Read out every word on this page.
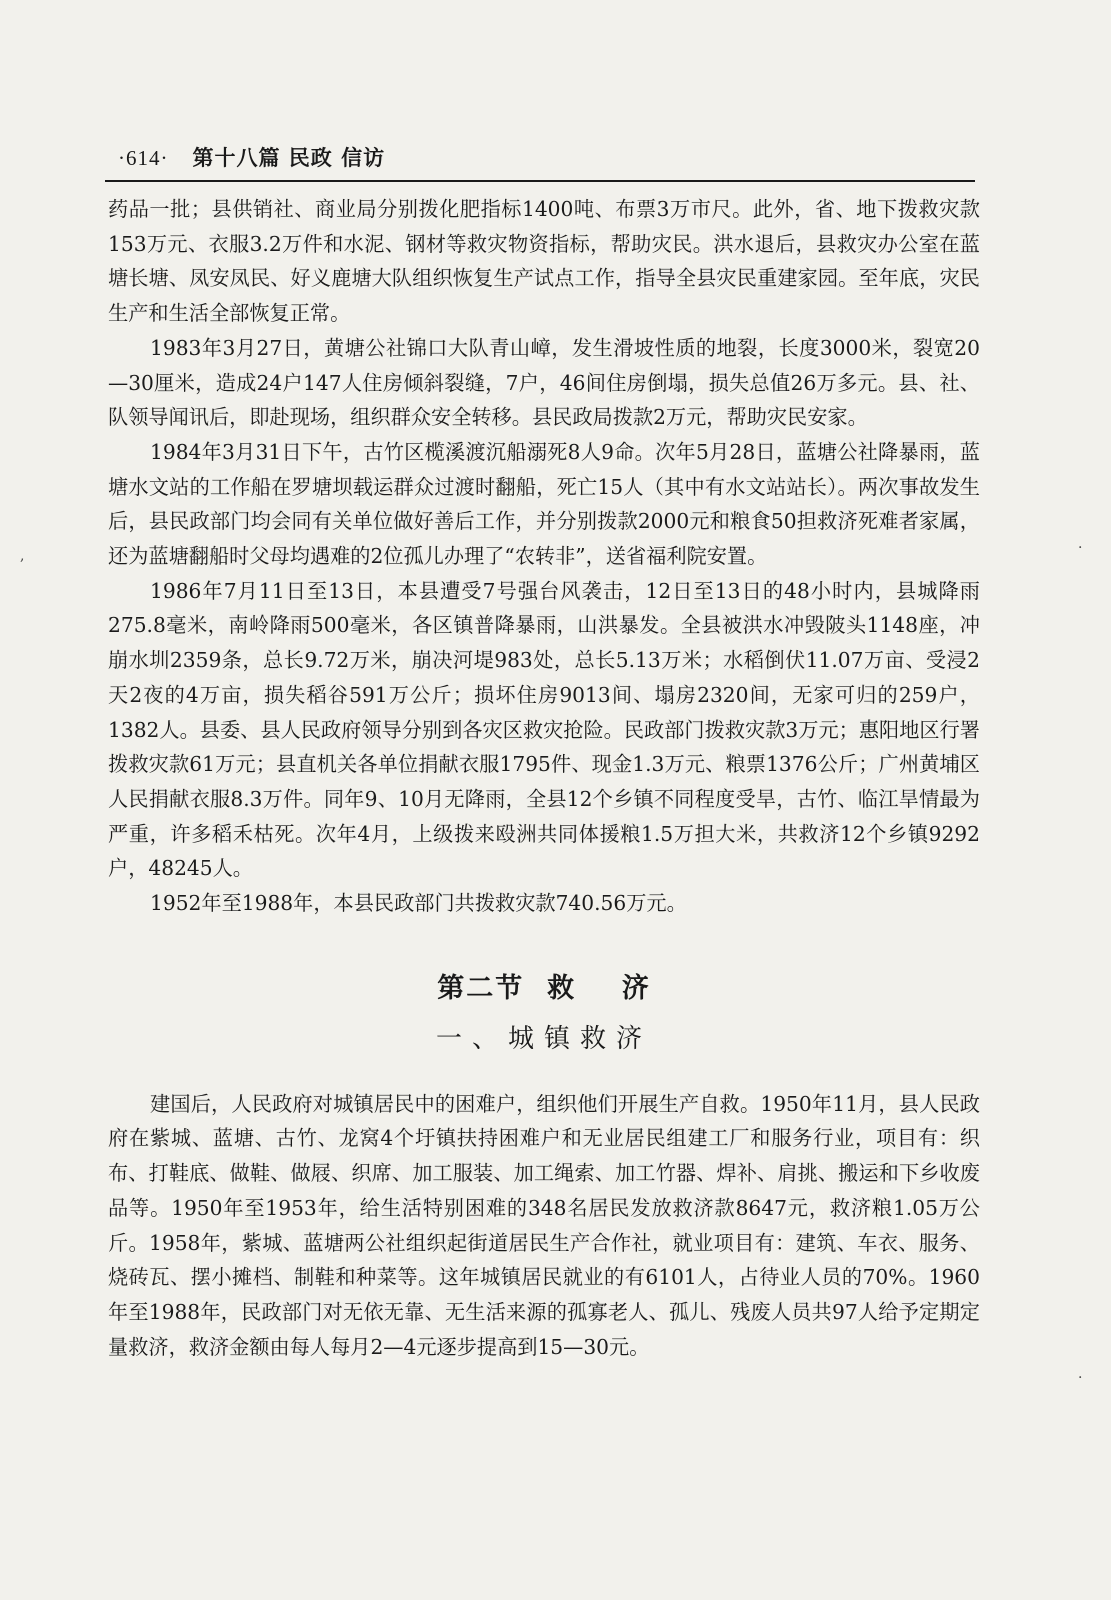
·614· 第十八篇 民政 信访

药品一批；县供销社、商业局分别拨化肥指标1400吨、布票3万市尺。此外，省、地下拨救灾款153万元、衣服3.2万件和水泥、钢材等救灾物资指标，帮助灾民。洪水退后，县救灾办公室在蓝塘长塘、凤安凤民、好义鹿塘大队组织恢复生产试点工作，指导全县灾民重建家园。至年底，灾民生产和生活全部恢复正常。

1983年3月27日，黄塘公社锦口大队青山嶂，发生滑坡性质的地裂，长度3000米，裂宽20—30厘米，造成24户147人住房倾斜裂缝，7户，46间住房倒塌，损失总值26万多元。县、社、队领导闻讯后，即赴现场，组织群众安全转移。县民政局拨款2万元，帮助灾民安家。

1984年3月31日下午，古竹区榄溪渡沉船溺死8人9命。次年5月28日，蓝塘公社降暴雨，蓝塘水文站的工作船在罗塘坝载运群众过渡时翻船，死亡15人（其中有水文站站长）。两次事故发生后，县民政部门均会同有关单位做好善后工作，并分别拨款2000元和粮食50担救济死难者家属，还为蓝塘翻船时父母均遇难的2位孤儿办理了“农转非”，送省福利院安置。

1986年7月11日至13日，本县遭受7号强台风袭击，12日至13日的48小时内，县城降雨275.8毫米，南岭降雨500毫米，各区镇普降暴雨，山洪暴发。全县被洪水冲毁陂头1148座，冲崩水圳2359条，总长9.72万米，崩决河堤983处，总长5.13万米；水稻倒伏11.07万亩、受浸2天2夜的4万亩，损失稻谷591万公斤；损坏住房9013间、塌房2320间，无家可归的259户，1382人。县委、县人民政府领导分别到各灾区救灾抢险。民政部门拨救灾款3万元；惠阳地区行署拨救灾款61万元；县直机关各单位捐献衣服1795件、现金1.3万元、粮票1376公斤；广州黄埔区人民捐献衣服8.3万件。同年9、10月无降雨，全县12个乡镇不同程度受旱，古竹、临江旱情最为严重，许多稻禾枯死。次年4月，上级拨来殴洲共同体援粮1.5万担大米，共救济12个乡镇9292户，48245人。

1952年至1988年，本县民政部门共拨救灾款740.56万元。

第二节  救    济
一、城镇救济

建国后，人民政府对城镇居民中的困难户，组织他们开展生产自救。1950年11月，县人民政府在紫城、蓝塘、古竹、龙窝4个圩镇扶持困难户和无业居民组建工厂和服务行业，项目有：织布、打鞋底、做鞋、做屐、织席、加工服装、加工绳索、加工竹器、焊补、肩挑、搬运和下乡收废品等。1950年至1953年，给生活特别困难的348名居民发放救济款8647元，救济粮1.05万公斤。1958年，紫城、蓝塘两公社组织起街道居民生产合作社，就业项目有：建筑、车衣、服务、烧砖瓦、摆小摊档、制鞋和种菜等。这年城镇居民就业的有6101人，占待业人员的70%。1960年至1988年，民政部门对无依无靠、无生活来源的孤寡老人、孤儿、残废人员共97人给予定期定量救济，救济金额由每人每月2—4元逐步提高到15—30元。

,	·
·
